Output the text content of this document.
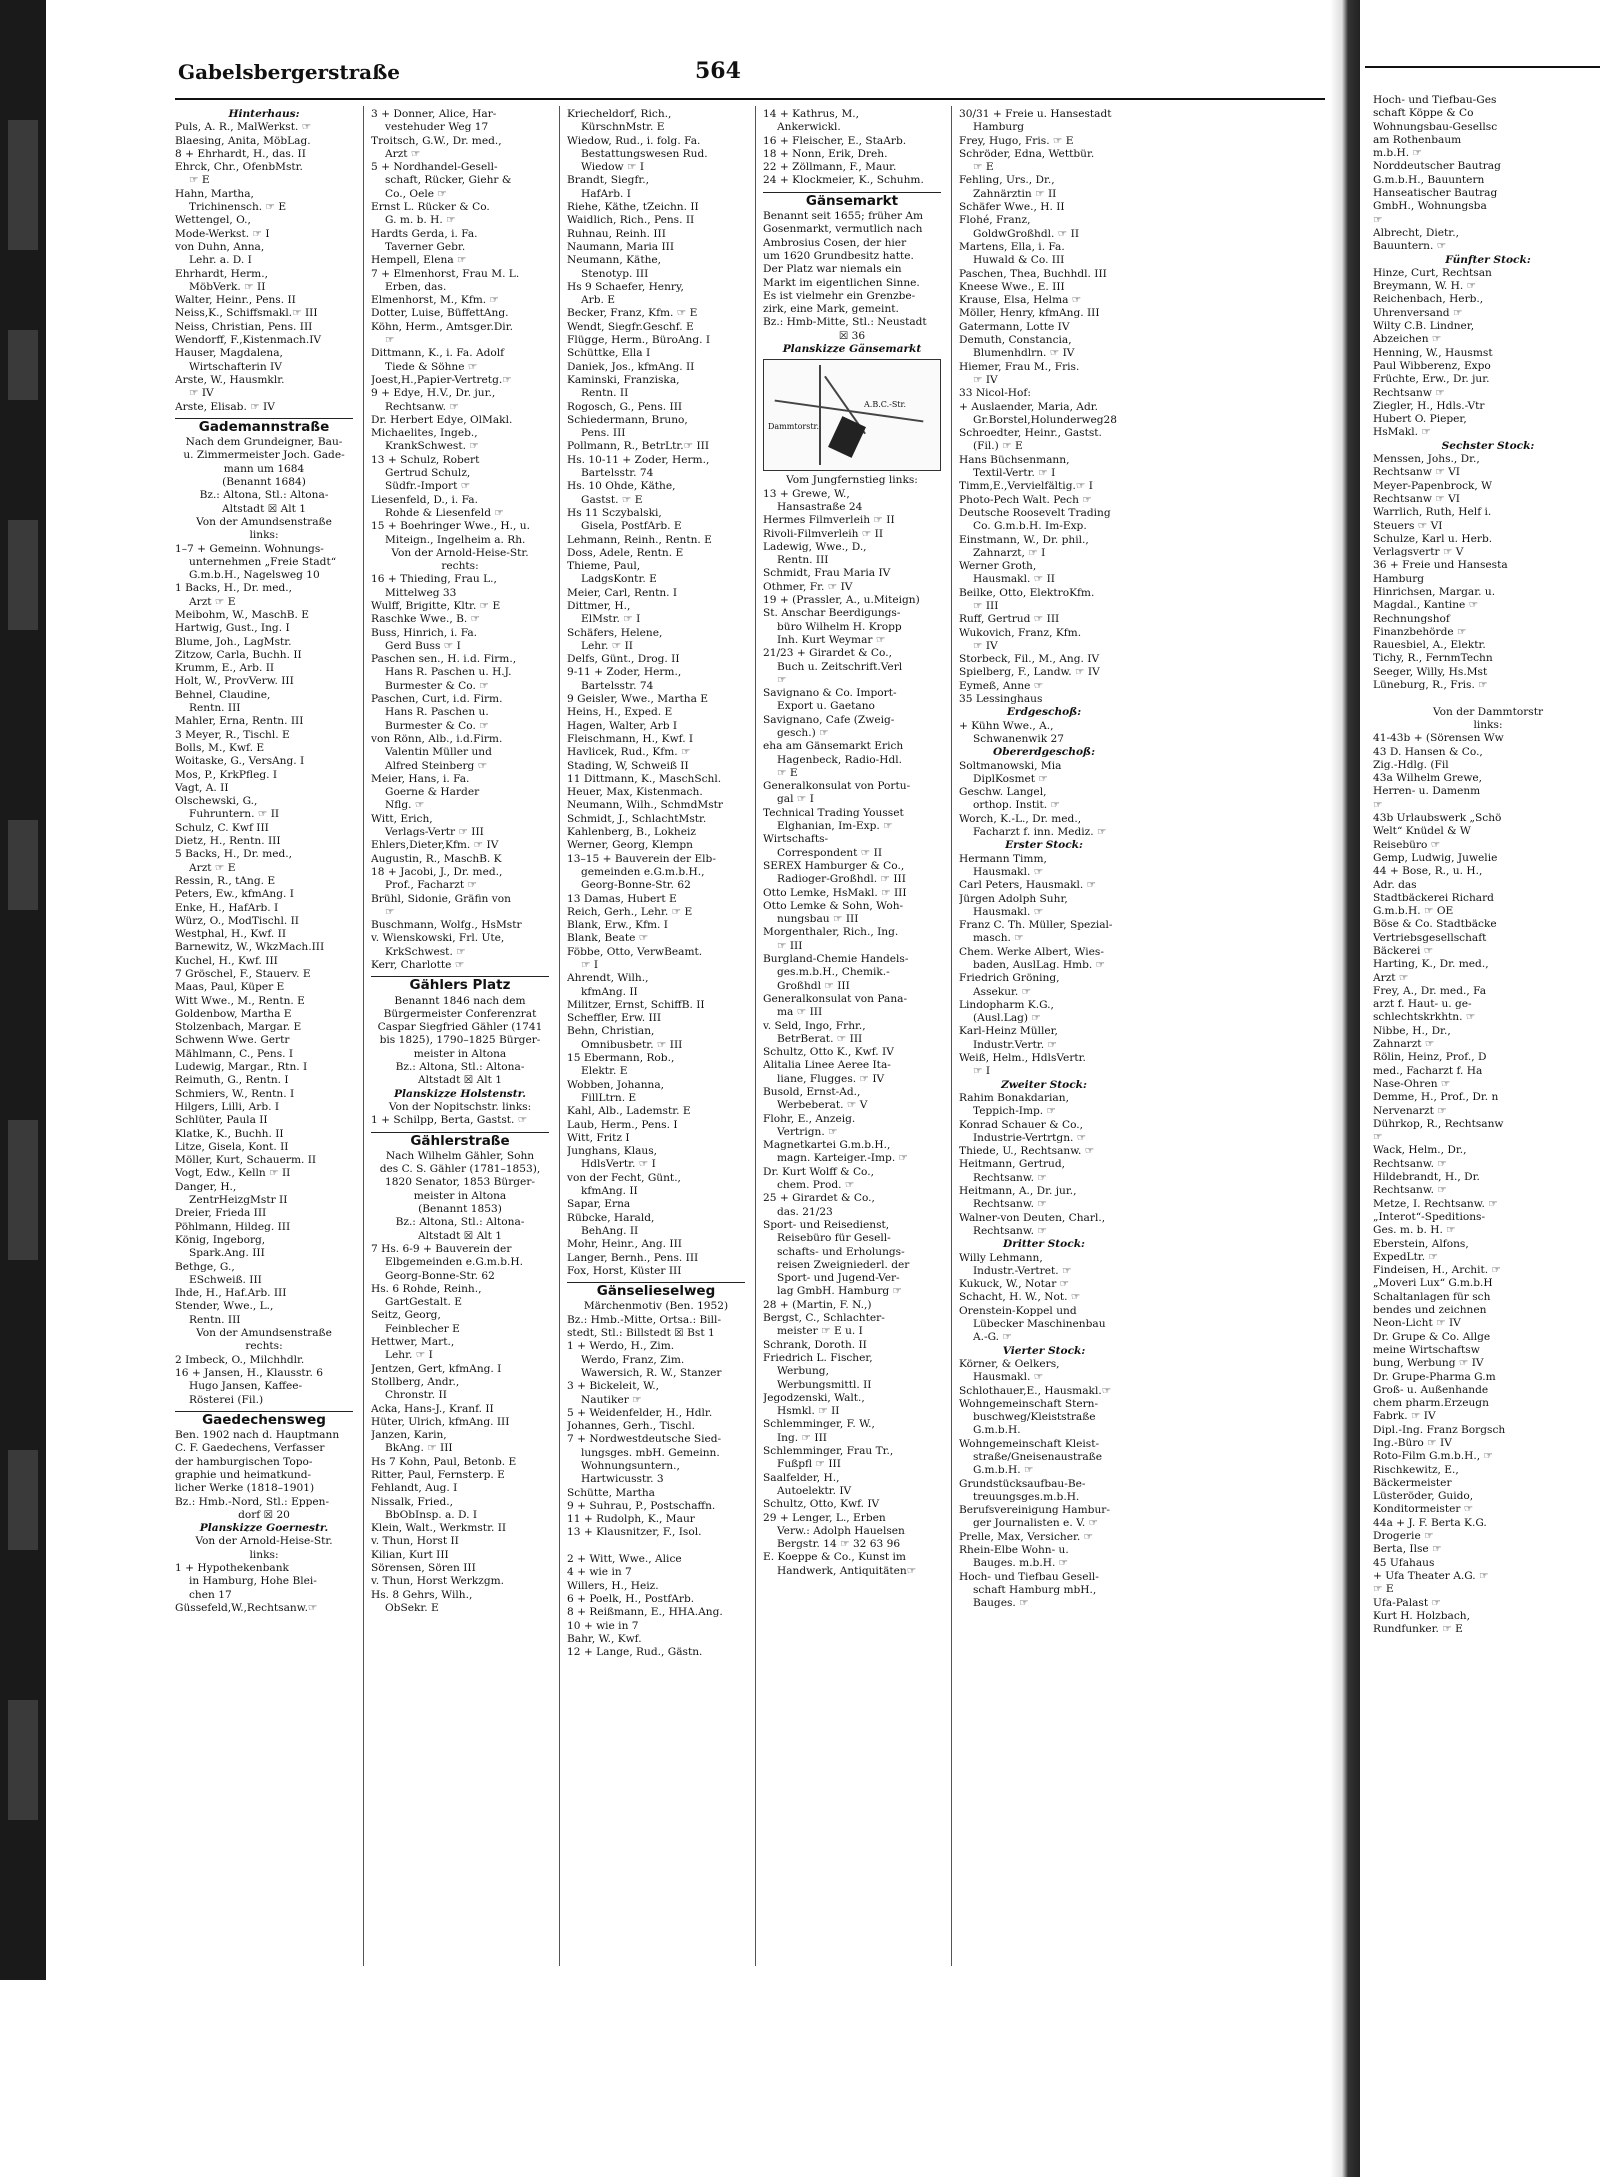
Gabelsbergerstraße	564
Hinterhaus:
Puls, A. R., MalWerkst. ☞
Blaesing, Anita, MöbLag.
8 + Ehrhardt, H., das. II
Ehrck, Chr., OfenbMstr.
☞ E
Hahn, Martha,
Trichinensch. ☞ E
Wettengel, O.,
Mode-Werkst. ☞ I
von Duhn, Anna,
Lehr. a. D. I
Ehrhardt, Herm.,
MöbVerk. ☞ II
Walter, Heinr., Pens. II
Neiss,K., Schiffsmakl.☞ III
Neiss, Christian, Pens. III
Wendorff, F.,Kistenmach.IV
Hauser, Magdalena,
Wirtschafterin IV
Arste, W., Hausmklr.
☞ IV
Arste, Elisab. ☞ IV
Gademannstraße
Nach dem Grundeigner, Bau-
u. Zimmermeister Joch. Gade-
mann um 1684
(Benannt 1684)
Bz.: Altona, Stl.: Altona-
Altstadt ☒ Alt 1
Von der Amundsenstraße
links:
1–7 + Gemeinn. Wohnungs-
unternehmen „Freie Stadt“
G.m.b.H., Nagelsweg 10
1 Backs, H., Dr. med.,
Arzt ☞ E
Meibohm, W., MaschB. E
Hartwig, Gust., Ing. I
Blume, Joh., LagMstr.
Zitzow, Carla, Buchh. II
Krumm, E., Arb. II
Holt, W., ProvVerw. III
Behnel, Claudine,
Rentn. III
Mahler, Erna, Rentn. III
3 Meyer, R., Tischl. E
Bolls, M., Kwf. E
Woitaske, G., VersAng. I
Mos, P., KrkPfleg. I
Vagt, A. II
Olschewski, G.,
Fuhruntern. ☞ II
Schulz, C. Kwf III
Dietz, H., Rentn. III
5 Backs, H., Dr. med.,
Arzt ☞ E
Ressin, R., tAng. E
Peters, Ew., kfmAng. I
Enke, H., HafArb. I
Würz, O., ModTischl. II
Westphal, H., Kwf. II
Barnewitz, W., WkzMach.III
Kuchel, H., Kwf. III
7 Gröschel, F., Stauerv. E
Maas, Paul, Küper E
Witt Wwe., M., Rentn. E
Goldenbow, Martha E
Stolzenbach, Margar. E
Schwenn Wwe. Gertr
Mählmann, C., Pens. I
Ludewig, Margar., Rtn. I
Reimuth, G., Rentn. I
Schmiers, W., Rentn. I
Hilgers, Lilli, Arb. I
Schlüter, Paula II
Klatke, K., Buchh. II
Litze, Gisela, Kont. II
Möller, Kurt, Schauerm. II
Vogt, Edw., Kelln ☞ II
Danger, H.,
ZentrHeizgMstr II
Dreier, Frieda III
Pöhlmann, Hildeg. III
König, Ingeborg,
Spark.Ang. III
Bethge, G.,
ESchweiß. III
Ihde, H., Haf.Arb. III
Stender, Wwe., L.,
Rentn. III
Von der Amundsenstraße
rechts:
2 Imbeck, O., Milchhdlr.
16 + Jansen, H., Klausstr. 6
Hugo Jansen, Kaffee-
Rösterei (Fil.)
Gaedechensweg
Ben. 1902 nach d. Hauptmann
C. F. Gaedechens, Verfasser
der hamburgischen Topo-
graphie und heimatkund-
licher Werke (1818–1901)
Bz.: Hmb.-Nord, Stl.: Eppen-
dorf ☒ 20
Planskizze Goernestr.
Von der Arnold-Heise-Str.
links:
1 + Hypothekenbank
in Hamburg, Hohe Blei-
chen 17
Güssefeld,W.,Rechtsanw.☞
3 + Donner, Alice, Har-
vestehuder Weg 17
Troitsch, G.W., Dr. med.,
Arzt ☞
5 + Nordhandel-Gesell-
schaft, Rücker, Giehr &
Co., Oele ☞
Ernst L. Rücker & Co.
G. m. b. H. ☞
Hardts Gerda, i. Fa.
Taverner Gebr.
Hempell, Elena ☞
7 + Elmenhorst, Frau M. L.
Erben, das.
Elmenhorst, M., Kfm. ☞
Dotter, Luise, BüffettAng.
Köhn, Herm., Amtsger.Dir.
☞
Dittmann, K., i. Fa. Adolf
Tiede & Söhne ☞
Joest,H.,Papier-Vertretg.☞
9 + Edye, H.V., Dr. jur.,
Rechtsanw. ☞
Dr. Herbert Edye, OlMakl.
Michaelites, Ingeb.,
KrankSchwest. ☞
13 + Schulz, Robert
Gertrud Schulz,
Südfr.-Import ☞
Liesenfeld, D., i. Fa.
Rohde & Liesenfeld ☞
15 + Boehringer Wwe., H., u.
Miteign., Ingelheim a. Rh.
Von der Arnold-Heise-Str.
rechts:
16 + Thieding, Frau L.,
Mittelweg 33
Wulff, Brigitte, Kltr. ☞ E
Raschke Wwe., B. ☞
Buss, Hinrich, i. Fa.
Gerd Buss ☞ I
Paschen sen., H. i.d. Firm.,
Hans R. Paschen u. H.J.
Burmester & Co. ☞
Paschen, Curt, i.d. Firm.
Hans R. Paschen u.
Burmester & Co. ☞
von Rönn, Alb., i.d.Firm.
Valentin Müller und
Alfred Steinberg ☞
Meier, Hans, i. Fa.
Goerne & Harder
Nflg. ☞
Witt, Erich,
Verlags-Vertr ☞ III
Ehlers,Dieter,Kfm. ☞ IV
Augustin, R., MaschB. K
18 + Jacobi, J., Dr. med.,
Prof., Facharzt ☞
Brühl, Sidonie, Gräfin von
☞
Buschmann, Wolfg., HsMstr
v. Wienskowski, Frl. Ute,
KrkSchwest. ☞
Kerr, Charlotte ☞
Gählers Platz
Benannt 1846 nach dem
Bürgermeister Conferenzrat
Caspar Siegfried Gähler (1741
bis 1825), 1790–1825 Bürger-
meister in Altona
Bz.: Altona, Stl.: Altona-
Altstadt ☒ Alt 1
Planskizze Holstenstr.
Von der Nopitschstr. links:
1 + Schilpp, Berta, Gastst. ☞
Gählerstraße
Nach Wilhelm Gähler, Sohn
des C. S. Gähler (1781–1853),
1820 Senator, 1853 Bürger-
meister in Altona
(Benannt 1853)
Bz.: Altona, Stl.: Altona-
Altstadt ☒ Alt 1
7 Hs. 6-9 + Bauverein der
Elbgemeinden e.G.m.b.H.
Georg-Bonne-Str. 62
Hs. 6 Rohde, Reinh.,
GartGestalt. E
Seitz, Georg,
Feinblecher E
Hettwer, Mart.,
Lehr. ☞ I
Jentzen, Gert, kfmAng. I
Stollberg, Andr.,
Chronstr. II
Acka, Hans-J., Kranf. II
Hüter, Ulrich, kfmAng. III
Janzen, Karin,
BkAng. ☞ III
Hs 7 Kohn, Paul, Betonb. E
Ritter, Paul, Fernsterp. E
Fehlandt, Aug. I
Nissalk, Fried.,
BbObInsp. a. D. I
Klein, Walt., Werkmstr. II
v. Thun, Horst II
Kilian, Kurt III
Sörensen, Sören III
v. Thun, Horst Werkzgm.
Hs. 8 Gehrs, Wilh.,
ObSekr. E
Kriecheldorf, Rich.,
KürschnMstr. E
Wiedow, Rud., i. folg. Fa.
Bestattungswesen Rud.
Wiedow ☞ I
Brandt, Siegfr.,
HafArb. I
Riehe, Käthe, tZeichn. II
Waidlich, Rich., Pens. II
Ruhnau, Reinh. III
Naumann, Maria III
Neumann, Käthe,
Stenotyp. III
Hs 9 Schaefer, Henry,
Arb. E
Becker, Franz, Kfm. ☞ E
Wendt, Siegfr.Geschf. E
Flügge, Herm., BüroAng. I
Schüttke, Ella I
Daniek, Jos., kfmAng. II
Kaminski, Franziska,
Rentn. II
Rogosch, G., Pens. III
Schiedermann, Bruno,
Pens. III
Pollmann, R., BetrLtr.☞ III
Hs. 10-11 + Zoder, Herm.,
Bartelsstr. 74
Hs. 10 Ohde, Käthe,
Gastst. ☞ E
Hs 11 Sczybalski,
Gisela, PostfArb. E
Lehmann, Reinh., Rentn. E
Doss, Adele, Rentn. E
Thieme, Paul,
LadgsKontr. E
Meier, Carl, Rentn. I
Dittmer, H.,
ElMstr. ☞ I
Schäfers, Helene,
Lehr. ☞ II
Delfs, Günt., Drog. II
9-11 + Zoder, Herm.,
Bartelsstr. 74
9 Geisler, Wwe., Martha E
Heins, H., Exped. E
Hagen, Walter, Arb I
Fleischmann, H., Kwf. I
Havlicek, Rud., Kfm. ☞
Stading, W, Schweiß II
11 Dittmann, K., MaschSchl.
Heuer, Max, Kistenmach.
Neumann, Wilh., SchmdMstr
Schmidt, J., SchlachtMstr.
Kahlenberg, B., Lokheiz
Werner, Georg, Klempn
13–15 + Bauverein der Elb-
gemeinden e.G.m.b.H.,
Georg-Bonne-Str. 62
13 Damas, Hubert E
Reich, Gerh., Lehr. ☞ E
Blank, Erw., Kfm. I
Blank, Beate ☞
Föbbe, Otto, VerwBeamt.
☞ I
Ahrendt, Wilh.,
kfmAng. II
Militzer, Ernst, SchiffB. II
Scheffler, Erw. III
Behn, Christian,
Omnibusbetr. ☞ III
15 Ebermann, Rob.,
Elektr. E
Wobben, Johanna,
FillLtrn. E
Kahl, Alb., Lademstr. E
Laub, Herm., Pens. I
Witt, Fritz I
Junghans, Klaus,
HdlsVertr. ☞ I
von der Fecht, Günt.,
kfmAng. II
Sapar, Erna
Rübcke, Harald,
BehAng. II
Mohr, Heinr., Ang. III
Langer, Bernh., Pens. III
Fox, Horst, Küster III
Gänselieselweg
Märchenmotiv (Ben. 1952)
Bz.: Hmb.-Mitte, Ortsa.: Bill-
stedt, Stl.: Billstedt ☒ Bst 1
1 + Werdo, H., Zim.
Werdo, Franz, Zim.
Wawersich, R. W., Stanzer
3 + Bickeleit, W.,
Nautiker ☞
5 + Weidenfelder, H., Hdlr.
Johannes, Gerh., Tischl.
7 + Nordwestdeutsche Sied-
lungsges. mbH. Gemeinn.
Wohnungsuntern.,
Hartwicusstr. 3
Schütte, Martha
9 + Suhrau, P., Postschaffn.
11 + Rudolph, K., Maur
13 + Klausnitzer, F., Isol.

2 + Witt, Wwe., Alice
4 + wie in 7
Willers, H., Heiz.
6 + Poelk, H., PostfArb.
8 + Reißmann, E., HHA.Ang.
10 + wie in 7
Bahr, W., Kwf.
12 + Lange, Rud., Gästn.
14 + Kathrus, M.,
Ankerwickl.
16 + Fleischer, E., StaArb.
18 + Nonn, Erik, Dreh.
22 + Zöllmann, F., Maur.
24 + Klockmeier, K., Schuhm.
Gänsemarkt
Benannt seit 1655; früher Am
Gosenmarkt, vermutlich nach
Ambrosius Cosen, der hier
um 1620 Grundbesitz hatte.
Der Platz war niemals ein
Markt im eigentlichen Sinne.
Es ist vielmehr ein Grenzbe-
zirk, eine Mark, gemeint.
Bz.: Hmb-Mitte, Stl.: Neustadt
☒ 36
Planskizze Gänsemarkt
A.B.C.-Str.
Dammtorstr.
Vom Jungfernstieg links:
13 + Grewe, W.,
Hansastraße 24
Hermes Filmverleih ☞ II
Rivoli-Filmverleih ☞ II
Ladewig, Wwe., D.,
Rentn. III
Schmidt, Frau Maria IV
Othmer, Fr. ☞ IV
19 + (Prassler, A., u.Miteign)
St. Anschar Beerdigungs-
büro Wilhelm H. Kropp
Inh. Kurt Weymar ☞
21/23 + Girardet & Co.,
Buch u. Zeitschrift.Verl
☞
Savignano & Co. Import-
Export u. Gaetano
Savignano, Cafe (Zweig-
gesch.) ☞
eha am Gänsemarkt Erich
Hagenbeck, Radio-Hdl.
☞ E
Generalkonsulat von Portu-
gal ☞ I
Technical Trading Yousset
Elghanian, Im-Exp. ☞
Wirtschafts-
Correspondent ☞ II
SEREX Hamburger & Co.,
Radioger-Großhdl. ☞ III
Otto Lemke, HsMakl. ☞ III
Otto Lemke & Sohn, Woh-
nungsbau ☞ III
Morgenthaler, Rich., Ing.
☞ III
Burgland-Chemie Handels-
ges.m.b.H., Chemik.-
Großhdl ☞ III
Generalkonsulat von Pana-
ma ☞ III
v. Seld, Ingo, Frhr.,
BetrBerat. ☞ III
Schultz, Otto K., Kwf. IV
Alitalia Linee Aeree Ita-
liane, Flugges. ☞ IV
Busold, Ernst-Ad.,
Werbeberat. ☞ V
Flohr, E., Anzeig.
Vertrign. ☞
Magnetkartei G.m.b.H.,
magn. Karteiger.-Imp. ☞
Dr. Kurt Wolff & Co.,
chem. Prod. ☞
25 + Girardet & Co.,
das. 21/23
Sport- und Reisedienst,
Reisebüro für Gesell-
schafts- und Erholungs-
reisen Zweigniederl. der
Sport- und Jugend-Ver-
lag GmbH. Hamburg ☞
28 + (Martin, F. N.,)
Bergst, C., Schlachter-
meister ☞ E u. I
Schrank, Doroth. II
Friedrich L. Fischer,
Werbung,
Werbungsmittl. II
Jegodzenski, Walt.,
Hsmkl. ☞ II
Schlemminger, F. W.,
Ing. ☞ III
Schlemminger, Frau Tr.,
Fußpfl ☞ III
Saalfelder, H.,
Autoelektr. IV
Schultz, Otto, Kwf. IV
29 + Lenger, L., Erben
Verw.: Adolph Hauelsen
Bergstr. 14 ☞ 32 63 96
E. Koeppe & Co., Kunst im
Handwerk, Antiquitäten☞
30/31 + Freie u. Hansestadt
Hamburg
Frey, Hugo, Fris. ☞ E
Schröder, Edna, Wettbür.
☞ E
Fehling, Urs., Dr.,
Zahnärztin ☞ II
Schäfer Wwe., H. II
Flohé, Franz,
GoldwGroßhdl. ☞ II
Martens, Ella, i. Fa.
Huwald & Co. III
Paschen, Thea, Buchhdl. III
Kneese Wwe., E. III
Krause, Elsa, Helma ☞
Möller, Henry, kfmAng. III
Gatermann, Lotte IV
Demuth, Constancia,
Blumenhdlrn. ☞ IV
Hiemer, Frau M., Fris.
☞ IV
33 Nicol-Hof:
+ Auslaender, Maria, Adr.
Gr.Borstel,Holunderweg28
Schroedter, Heinr., Gastst.
(Fil.) ☞ E
Hans Büchsenmann,
Textil-Vertr. ☞ I
Timm,E.,Vervielfältig.☞ I
Photo-Pech Walt. Pech ☞
Deutsche Roosevelt Trading
Co. G.m.b.H. Im-Exp.
Einstmann, W., Dr. phil.,
Zahnarzt, ☞ I
Werner Groth,
Hausmakl. ☞ II
Beilke, Otto, ElektroKfm.
☞ III
Ruff, Gertrud ☞ III
Wukovich, Franz, Kfm.
☞ IV
Storbeck, Fil., M., Ang. IV
Spielberg, F., Landw. ☞ IV
Eymeß, Anne ☞
35 Lessinghaus
Erdgeschoß:
+ Kühn Wwe., A.,
Schwanenwik 27
Obererdgeschoß:
Soltmanowski, Mia
DiplKosmet ☞
Geschw. Langel,
orthop. Instit. ☞
Worch, K.-L., Dr. med.,
Facharzt f. inn. Mediz. ☞
Erster Stock:
Hermann Timm,
Hausmakl. ☞
Carl Peters, Hausmakl. ☞
Jürgen Adolph Suhr,
Hausmakl. ☞
Franz C. Th. Müller, Spezial-
masch. ☞
Chem. Werke Albert, Wies-
baden, AuslLag. Hmb. ☞
Friedrich Gröning,
Assekur. ☞
Lindopharm K.G.,
(Ausl.Lag) ☞
Karl-Heinz Müller,
Industr.Vertr. ☞
Weiß, Helm., HdlsVertr.
☞ I
Zweiter Stock:
Rahim Bonakdarian,
Teppich-Imp. ☞
Konrad Schauer & Co.,
Industrie-Vertrtgn. ☞
Thiede, U., Rechtsanw. ☞
Heitmann, Gertrud,
Rechtsanw. ☞
Heitmann, A., Dr. jur.,
Rechtsanw. ☞
Walner-von Deuten, Charl.,
Rechtsanw. ☞
Dritter Stock:
Willy Lehmann,
Industr.-Vertret. ☞
Kukuck, W., Notar ☞
Schacht, H. W., Not. ☞
Orenstein-Koppel und
Lübecker Maschinenbau
A.-G. ☞
Vierter Stock:
Körner, & Oelkers,
Hausmakl. ☞
Schlothauer,E., Hausmakl.☞
Wohngemeinschaft Stern-
buschweg/Kleiststraße
G.m.b.H.
Wohngemeinschaft Kleist-
straße/Gneisenaustraße
G.m.b.H. ☞
Grundstücksaufbau-Be-
treuungsges.m.b.H.
Berufsvereinigung Hambur-
ger Journalisten e. V. ☞
Prelle, Max, Versicher. ☞
Rhein-Elbe Wohn- u.
Bauges. m.b.H. ☞
Hoch- und Tiefbau Gesell-
schaft Hamburg mbH.,
Bauges. ☞
Hoch- und Tiefbau-Ges
schaft Köppe & Co
Wohnungsbau-Gesellsc
am Rothenbaum
m.b.H. ☞
Norddeutscher Bautrag
G.m.b.H., Bauuntern
Hanseatischer Bautrag
GmbH., Wohnungsba
☞
Albrecht, Dietr.,
Bauuntern. ☞
Fünfter Stock:
Hinze, Curt, Rechtsan
Breymann, W. H. ☞
Reichenbach, Herb.,
Uhrenversand ☞
Wilty C.B. Lindner,
Abzeichen ☞
Henning, W., Hausmst
Paul Wibberenz, Expo
Früchte, Erw., Dr. jur.
Rechtsanw ☞
Ziegler, H., Hdls.-Vtr
Hubert O. Pieper,
HsMakl. ☞
Sechster Stock:
Menssen, Johs., Dr.,
Rechtsanw ☞ VI
Meyer-Papenbrock, W
Rechtsanw ☞ VI
Warrlich, Ruth, Helf i.
Steuers ☞ VI
Schulze, Karl u. Herb.
Verlagsvertr ☞ V
36 + Freie und Hansesta
Hamburg
Hinrichsen, Margar. u.
Magdal., Kantine ☞
Rechnungshof
Finanzbehörde ☞
Rauesbiel, A., Elektr.
Tichy, R., FernmTechn
Seeger, Willy, Hs.Mst
Lüneburg, R., Fris. ☞

Von der Dammtorstr
links:
41-43b + (Sörensen Ww
43 D. Hansen & Co.,
Zig.-Hdlg. (Fil
43a Wilhelm Grewe,
Herren- u. Damenm
☞
43b Urlaubswerk „Schö
Welt“ Knüdel & W
Reisebüro ☞
Gemp, Ludwig, Juwelie
44 + Bose, R., u. H.,
Adr. das
Stadtbäckerei Richard
G.m.b.H. ☞ OE
Böse & Co. Stadtbäcke
Vertriebsgesellschaft
Bäckerei ☞
Harting, K., Dr. med.,
Arzt ☞
Frey, A., Dr. med., Fa
arzt f. Haut- u. ge-
schlechtskrkhtn. ☞
Nibbe, H., Dr.,
Zahnarzt ☞
Rölin, Heinz, Prof., D
med., Facharzt f. Ha
Nase-Ohren ☞
Demme, H., Prof., Dr. n
Nervenarzt ☞
Dührkop, R., Rechtsanw
☞
Wack, Helm., Dr.,
Rechtsanw. ☞
Hildebrandt, H., Dr.
Rechtsanw. ☞
Metze, I. Rechtsanw. ☞
„Interot“-Speditions-
Ges. m. b. H. ☞
Eberstein, Alfons,
ExpedLtr. ☞
Findeisen, H., Archit. ☞
„Moveri Lux“ G.m.b.H
Schaltanlagen für sch
bendes und zeichnen
Neon-Licht ☞ IV
Dr. Grupe & Co. Allge
meine Wirtschaftsw
bung, Werbung ☞ IV
Dr. Grupe-Pharma G.m
Groß- u. Außenhande
chem pharm.Erzeugn
Fabrk. ☞ IV
Dipl.-Ing. Franz Borgsch
Ing.-Büro ☞ IV
Roto-Film G.m.b.H., ☞
Rischkewitz, E.,
Bäckermeister
Lüsteröder, Guido,
Konditormeister ☞
44a + J. F. Berta K.G.
Drogerie ☞
Berta, Ilse ☞
45 Ufahaus
+ Ufa Theater A.G. ☞
☞ E
Ufa-Palast ☞
Kurt H. Holzbach,
Rundfunker. ☞ E
